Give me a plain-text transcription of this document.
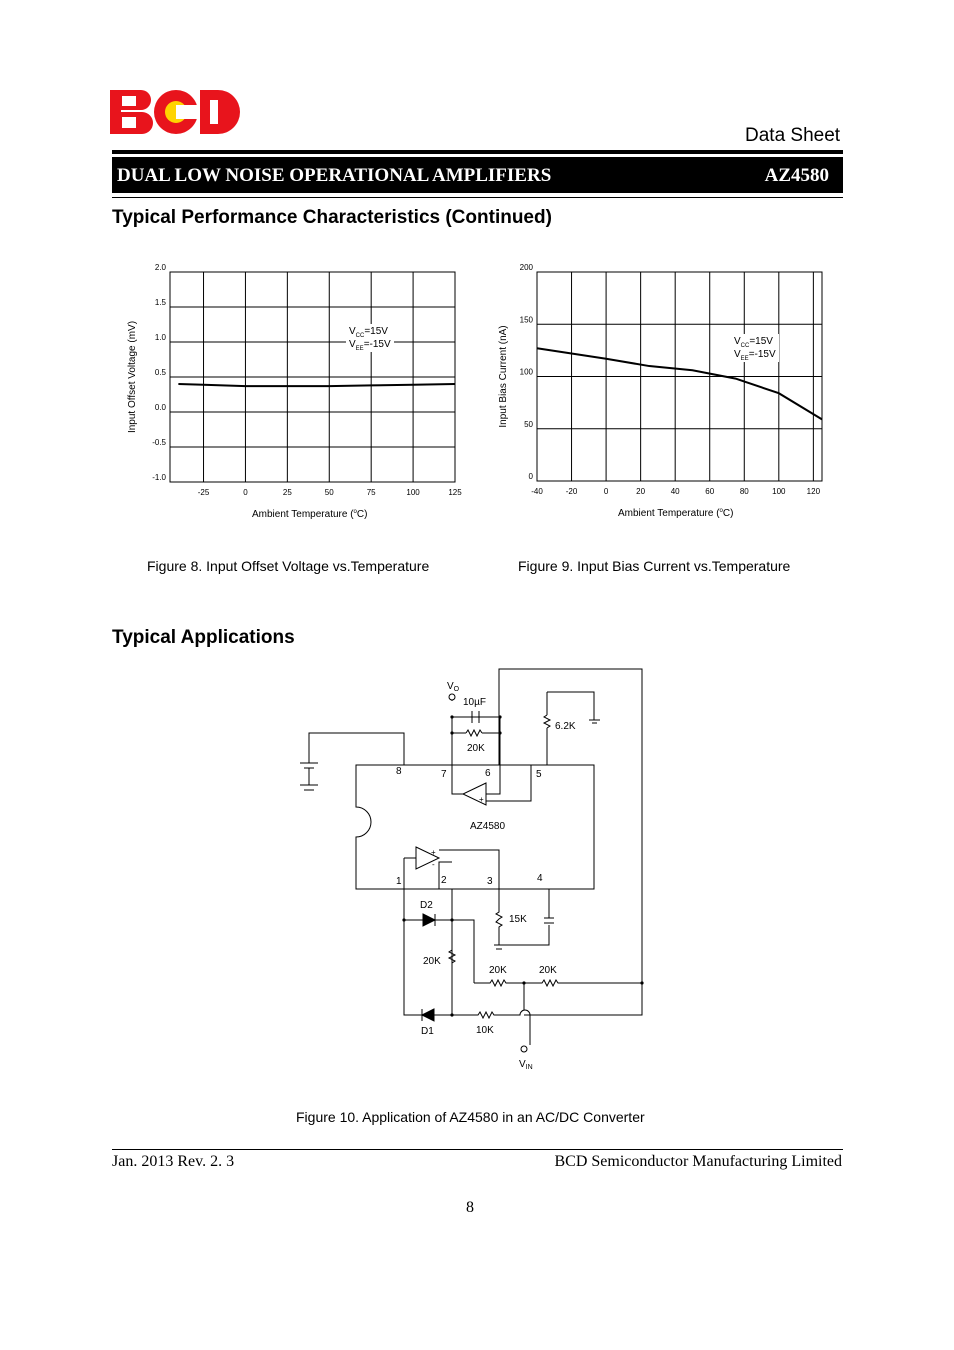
Data Sheet
DUAL LOW NOISE OPERATIONAL AMPLIFIERS	AZ4580
Typical Performance Characteristics (Continued)
-25	0	25	50	75	100	125
-1.0
-0.5
0.0
0.5
1.0
1.5
2.0
$V_{CC}=15V$
$V_{EE}=-15V$
Ambient Temperature ($^o$C)
Input Offset Voltage (mV)
-40	-20	0	20	40	60	80	100	120
0
50
100
150
200
$V_{CC}=15V$
$V_{EE}=-15V$
Ambient Temperature ($^o$C)
Input Bias Current (nA)
Figure 8. Input Offset Voltage vs.Temperature	Figure 9. Input Bias Current vs.Temperature
Typical Applications
$V_O$
10µF
20K
6.2K
8	7	6	5
+
AZ4580
+
-
1	2	3	4
D2
15K
20K
20K	20K
D1	10K
$V_{IN}$
Figure 10. Application of AZ4580 in an AC/DC Converter
Jan. 2013 Rev. 2. 3	BCD Semiconductor Manufacturing Limited
8
